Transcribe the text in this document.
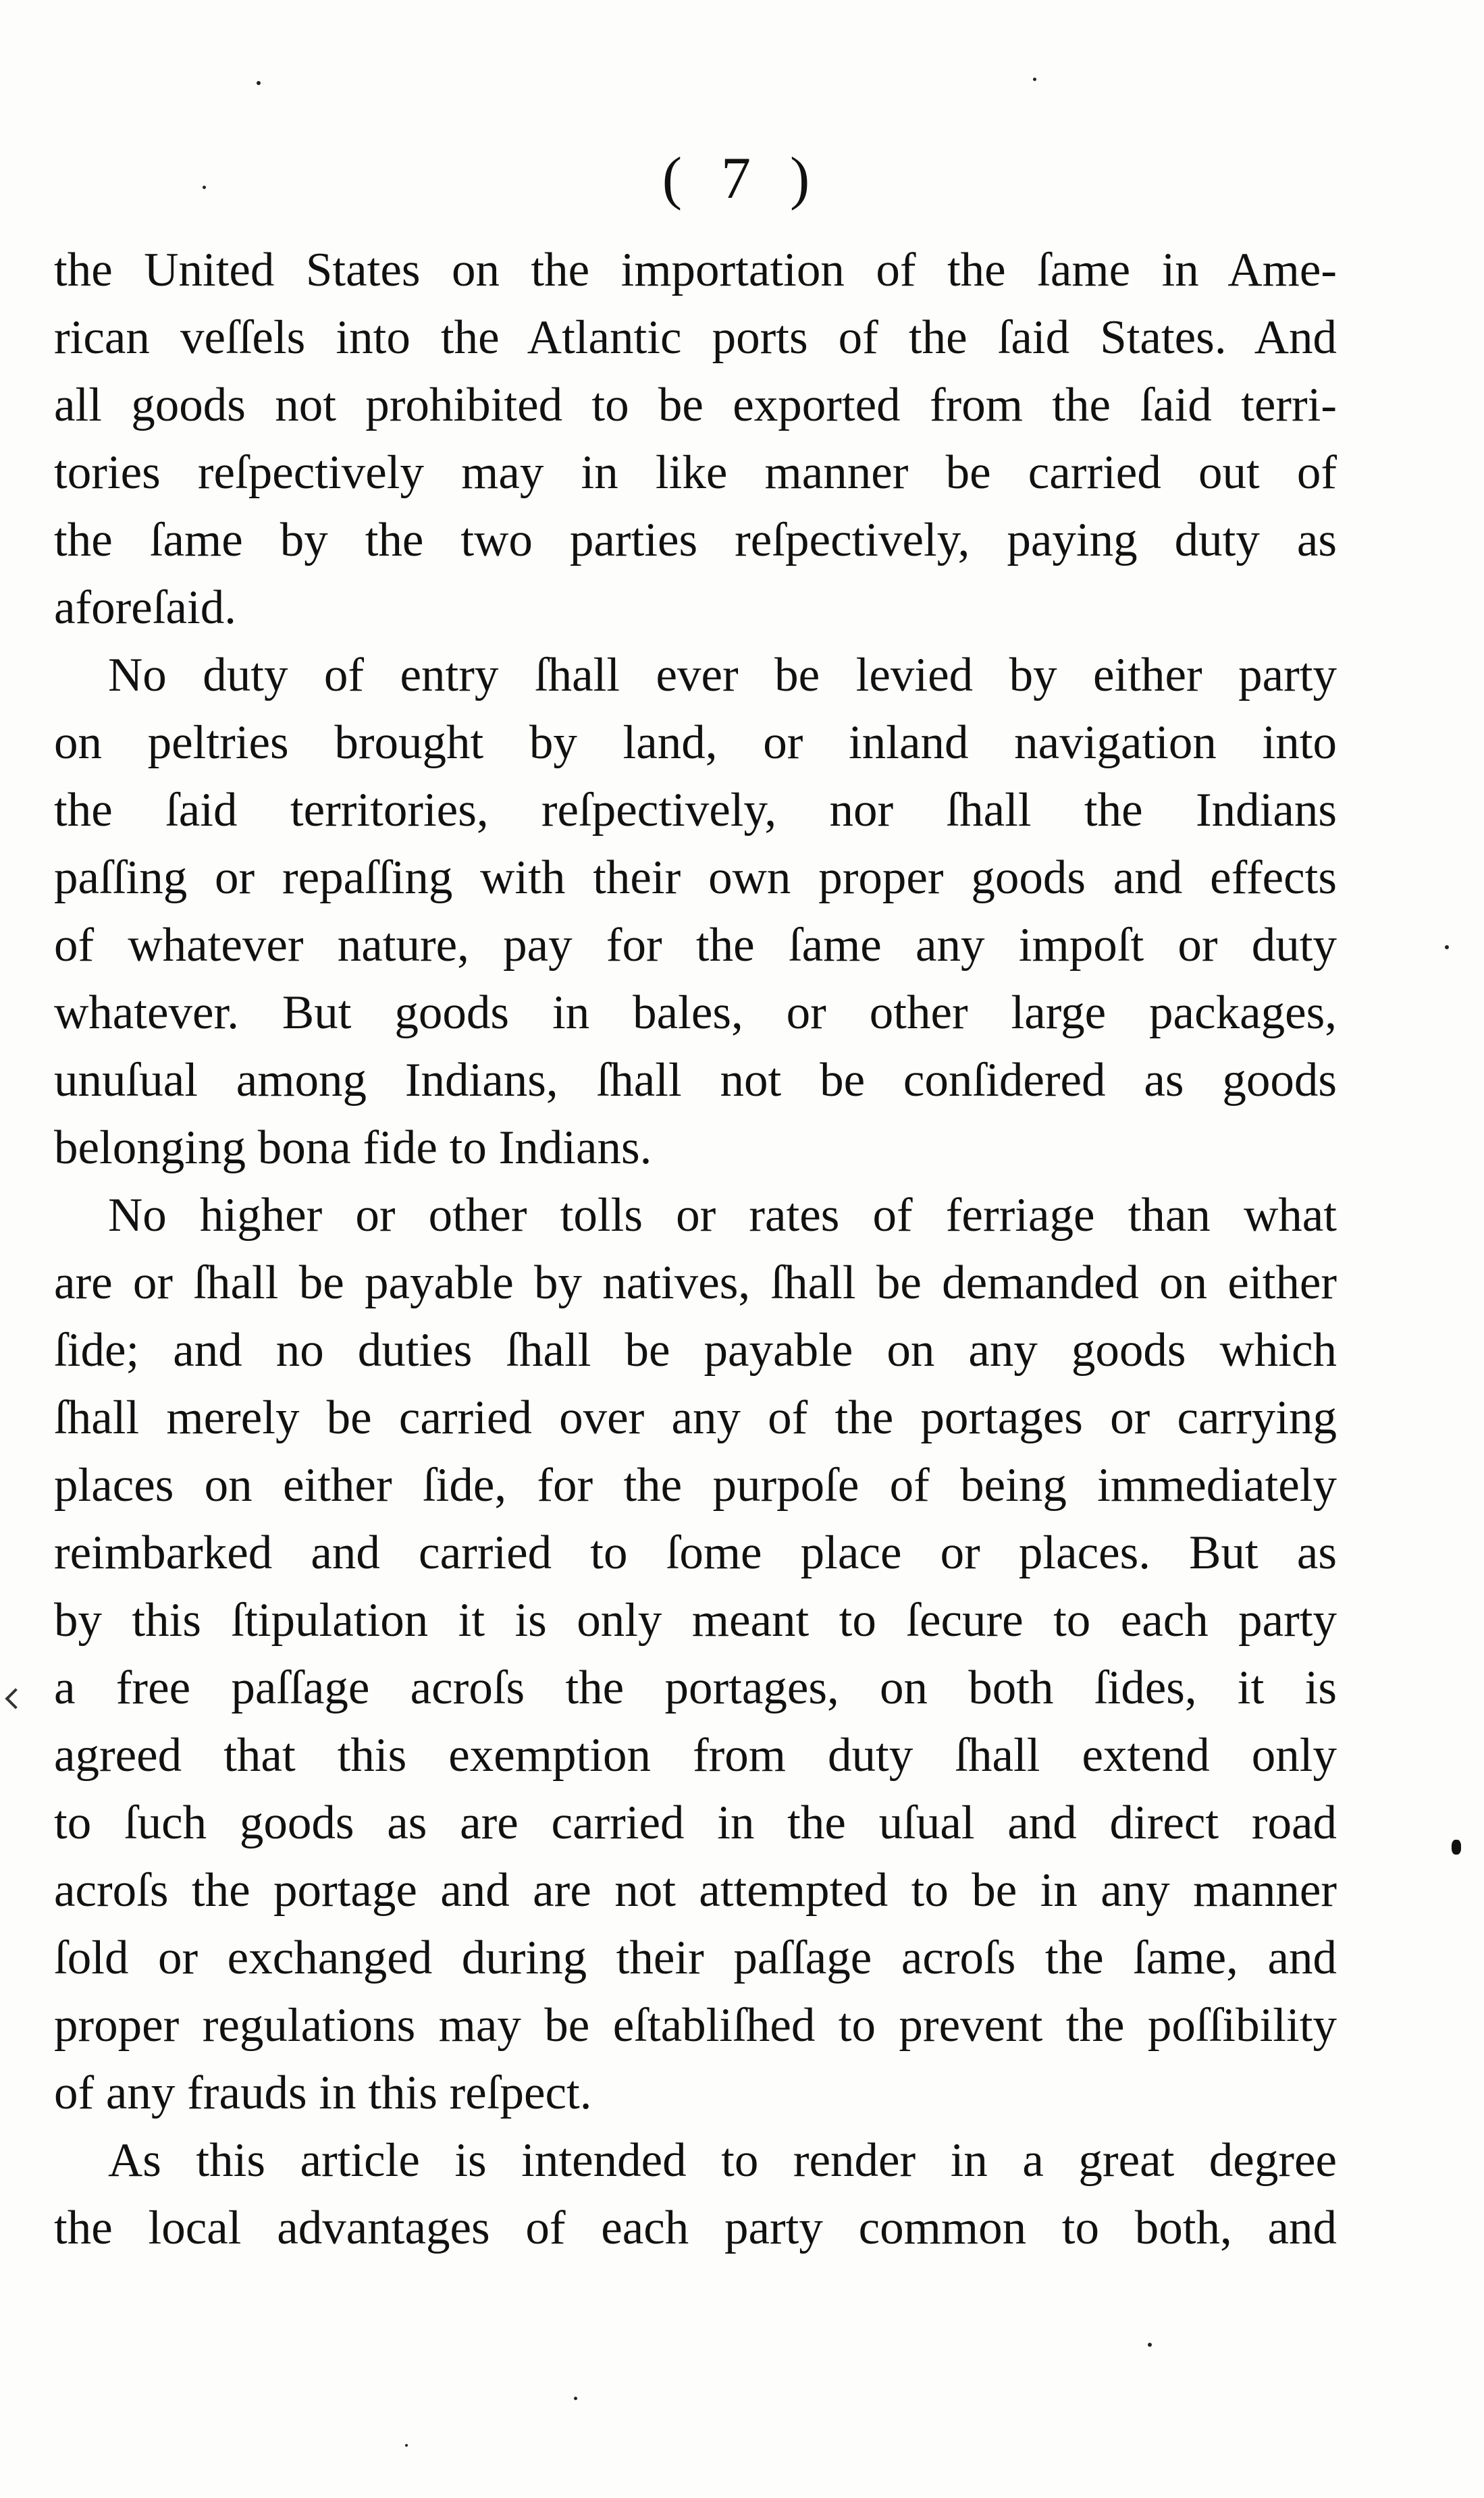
( 7 )
the United States on the importation of the ſame in Ame-
rican veſſels into the Atlantic ports of the ſaid States. And
all goods not prohibited to be exported from the ſaid terri-
tories reſpectively may in like manner be carried out of
the ſame by the two parties reſpectively, paying duty as
aforeſaid.
No duty of entry ſhall ever be levied by either party
on peltries brought by land, or inland navigation into
the ſaid territories, reſpectively, nor ſhall the Indians
paſſing or repaſſing with their own proper goods and effects
of whatever nature, pay for the ſame any impoſt or duty
whatever. But goods in bales, or other large packages,
unuſual among Indians, ſhall not be conſidered as goods
belonging bona fide to Indians.
No higher or other tolls or rates of ferriage than what
are or ſhall be payable by natives, ſhall be demanded on either
ſide; and no duties ſhall be payable on any goods which
ſhall merely be carried over any of the portages or carrying
places on either ſide, for the purpoſe of being immediately
reimbarked and carried to ſome place or places. But as
by this ſtipulation it is only meant to ſecure to each party
a free paſſage acroſs the portages, on both ſides, it is
agreed that this exemption from duty ſhall extend only
to ſuch goods as are carried in the uſual and direct road
acroſs the portage and are not attempted to be in any manner
ſold or exchanged during their paſſage acroſs the ſame, and
proper regulations may be eſtabliſhed to prevent the poſſibility
of any frauds in this reſpect.
As this article is intended to render in a great degree
the local advantages of each party common to both, and
